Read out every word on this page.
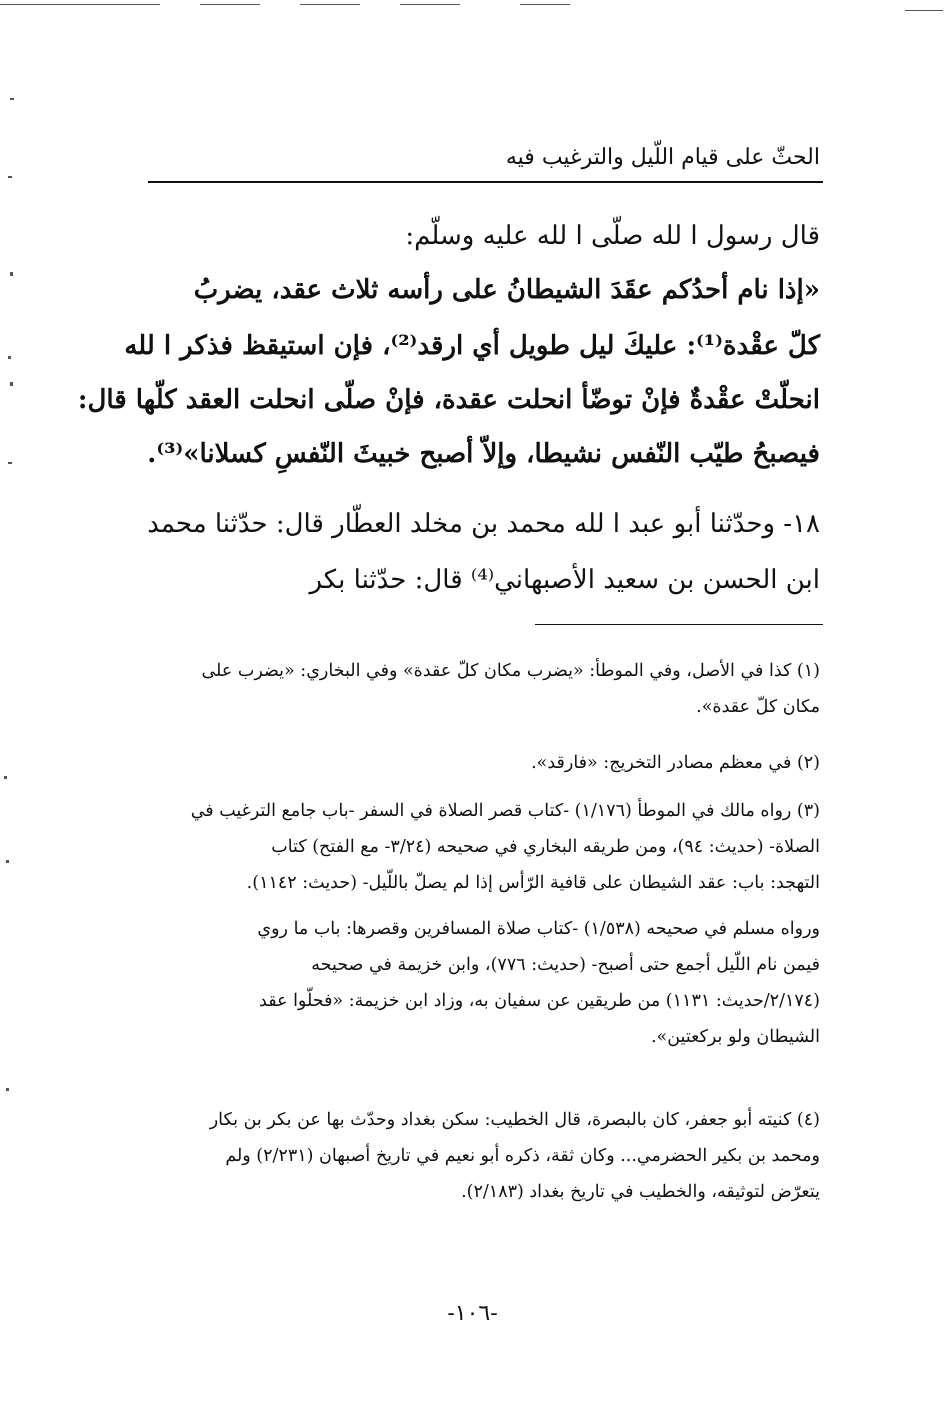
الحثّ على قيام اللّيل والترغيب فيه
قال رسول ا لله صلّى ا لله عليه وسلّم:
«إذا نام أحدُكم عقَدَ الشيطانُ على رأسه ثلاث عقد، يضربُ
كلّ عقْدة⁽¹⁾: عليكَ ليل طويل أي ارقد⁽²⁾، فإن استيقظ فذكر ا لله
انحلّتْ عقْدةٌ فإنْ توضّأ انحلت عقدة، فإنْ صلّى انحلت العقد كلّها قال:
فيصبحُ طيّب النّفس نشيطا، وإلاّ أصبح خبيثَ النّفسِ كسلانا»⁽³⁾.
١٨- وحدّثنا أبو عبد ا لله محمد بن مخلد العطّار قال: حدّثنا محمد
ابن الحسن بن سعيد الأصبهاني⁽⁴⁾ قال: حدّثنا بكر
(١) كذا في الأصل، وفي الموطأ: «يضرب مكان كلّ عقدة» وفي البخاري: «يضرب على
مكان كلّ عقدة».
(٢) في معظم مصادر التخريج: «فارقد».
(٣) رواه مالك في الموطأ (١/١٧٦) -كتاب قصر الصلاة في السفر -باب جامع الترغيب في
الصلاة- (حديث: ٩٤)، ومن طريقه البخاري في صحيحه (٣/٢٤- مع الفتح) كتاب
التهجد: باب: عقد الشيطان على قافية الرّأس إذا لم يصلّ باللّيل- (حديث: ١١٤٢).
ورواه مسلم في صحيحه (١/٥٣٨) -كتاب صلاة المسافرين وقصرها: باب ما روي
فيمن نام اللّيل أجمع حتى أصبح- (حديث: ٧٧٦)، وابن خزيمة في صحيحه
(٢/١٧٤/حديث: ١١٣١) من طريقين عن سفيان به، وزاد ابن خزيمة: «فحلّوا عقد
الشيطان ولو بركعتين».
(٤) كنيته أبو جعفر، كان بالبصرة، قال الخطيب: سكن بغداد وحدّث بها عن بكر بن بكار
ومحمد بن بكير الحضرمي... وكان ثقة، ذكره أبو نعيم في تاريخ أصبهان (٢/٢٣١) ولم
يتعرّض لتوثيقه، والخطيب في تاريخ بغداد (٢/١٨٣).
-١٠٦-
